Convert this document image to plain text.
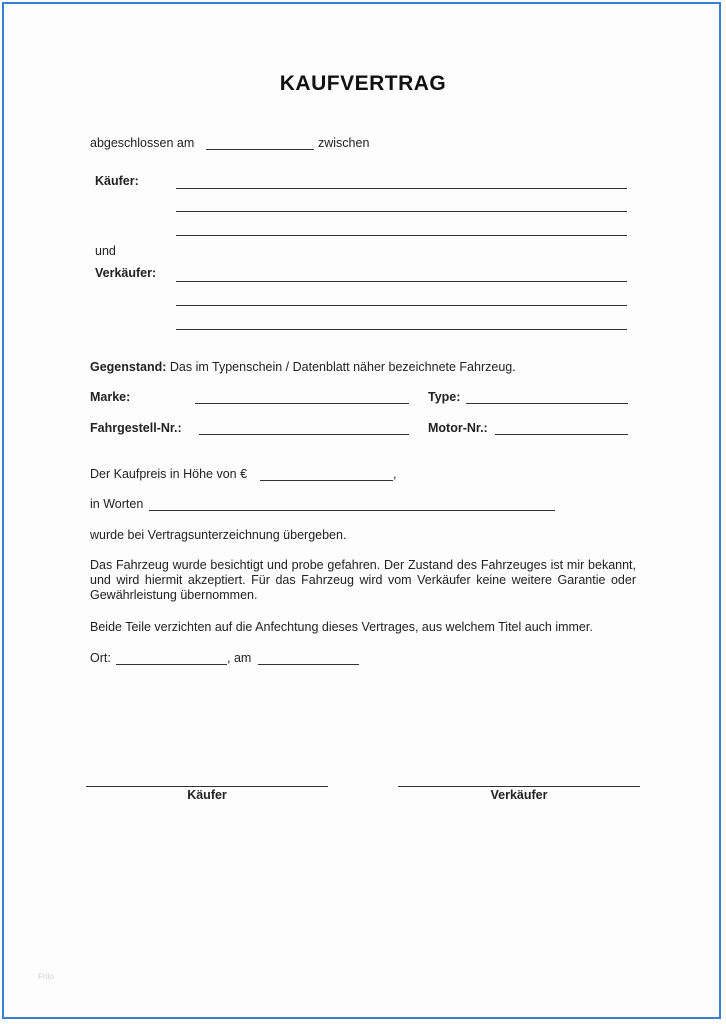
KAUFVERTRAG
abgeschlossen am	zwischen
Käufer:
und
Verkäufer:
Gegenstand: Das im Typenschein / Datenblatt näher bezeichnete Fahrzeug.
Marke:	Type:
Fahrgestell-Nr.:	Motor-Nr.:
Der Kaufpreis in Höhe von €	,
in Worten
wurde bei Vertragsunterzeichnung übergeben.
Das Fahrzeug wurde besichtigt und probe gefahren. Der Zustand des Fahrzeuges ist mir bekannt, und wird hiermit akzeptiert. Für das Fahrzeug wird vom Verkäufer keine weitere Garantie oder Gewährleistung übernommen.
Beide Teile verzichten auf die Anfechtung dieses Vertrages, aus welchem Titel auch immer.
Ort:	, am
Käufer	Verkäufer
Frito
